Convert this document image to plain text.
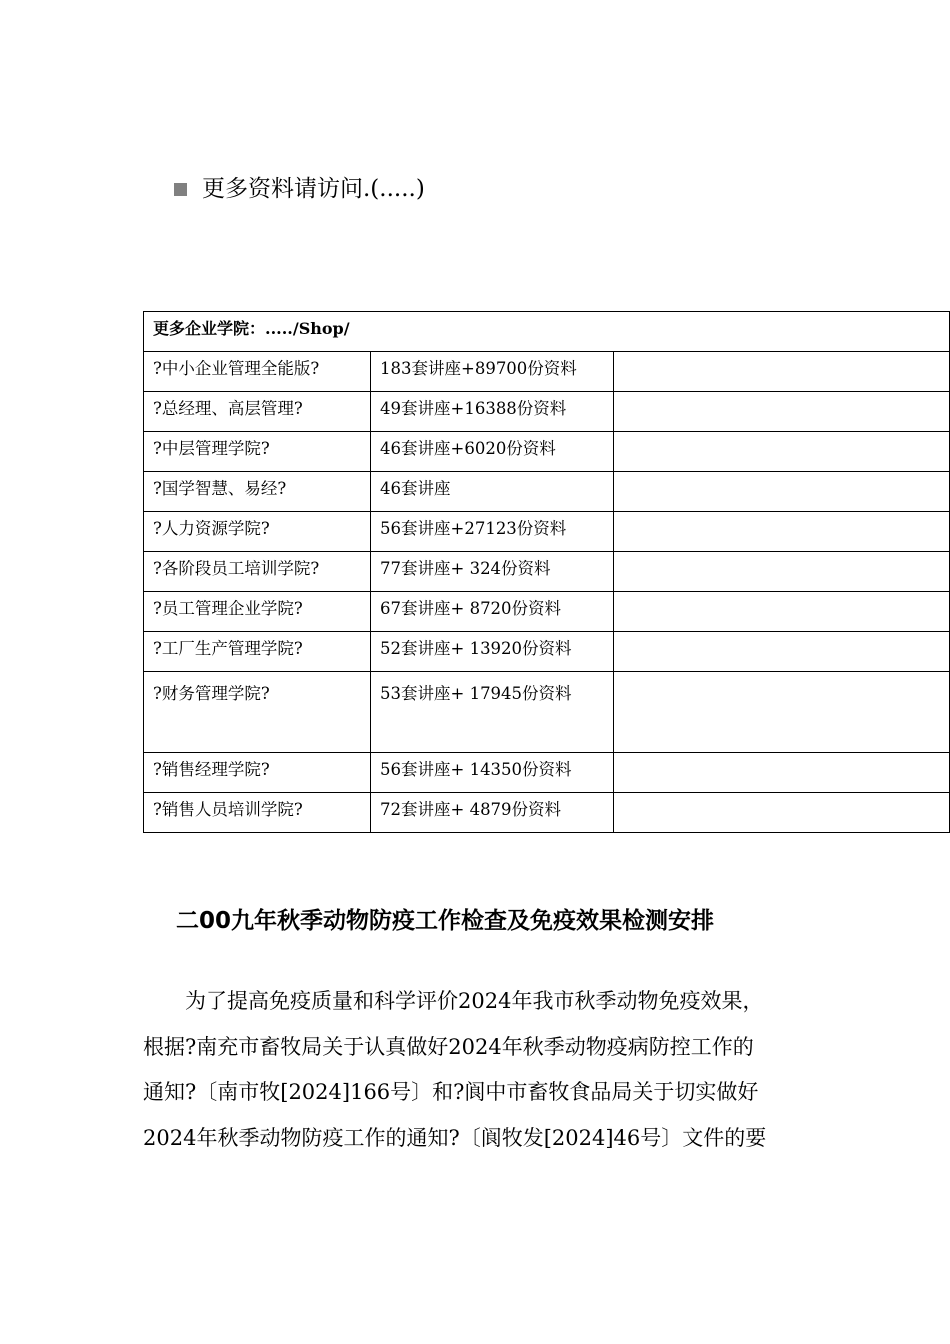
更多资料请访问.(.....)
更多企业学院：...../Shop/		
?中小企业管理全能版?	183套讲座+89700份资料	
?总经理、高层管理?	49套讲座+16388份资料	
?中层管理学院?	46套讲座+6020份资料	
?国学智慧、易经?	46套讲座	
?人力资源学院?	56套讲座+27123份资料	
?各阶段员工培训学院?	77套讲座+ 324份资料	
?员工管理企业学院?	67套讲座+ 8720份资料	
?工厂生产管理学院?	52套讲座+ 13920份资料	
?财务管理学院?	53套讲座+ 17945份资料	
?销售经理学院?	56套讲座+ 14350份资料	
?销售人员培训学院?	72套讲座+ 4879份资料	
二00九年秋季动物防疫工作检查及免疫效果检测安排
　　为了提高免疫质量和科学评价2024年我市秋季动物免疫效果，
根据?南充市畜牧局关于认真做好2024年秋季动物疫病防控工作的
通知?〔南市牧[2024]166号〕和?阆中市畜牧食品局关于切实做好
2024年秋季动物防疫工作的通知?〔阆牧发[2024]46号〕文件的要
